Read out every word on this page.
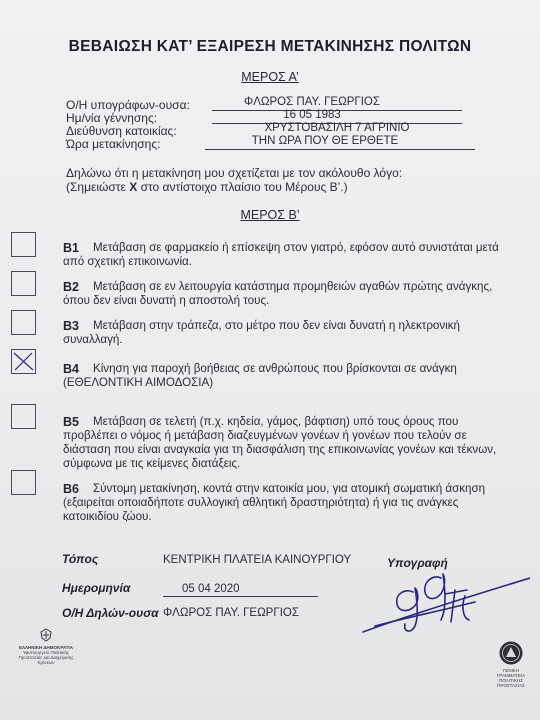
ΒΕΒΑΙΩΣΗ ΚΑΤ’ ΕΞΑΙΡΕΣΗ ΜΕΤΑΚΙΝΗΣΗΣ ΠΟΛΙΤΩΝ
ΜΕΡΟΣ Α’
Ο/Η υπογράφων-ουσα:	ΦΛΩΡΟΣ ΠΑΥ. ΓΕΩΡΓΙΟΣ
Ημ/νία γέννησης:	16 05 1983
Διεύθυνση κατοικίας:	ΧΡΥΣΤΟΒΑΣΙΛΗ 7 ΑΓΡΙΝΙΟ
Ώρα μετακίνησης:	ΤΗΝ ΩΡΑ ΠΟΥ ΘΕ ΕΡΘΕΤΕ
Δηλώνω ότι η μετακίνηση μου σχετίζεται με τον ακόλουθο λόγο:
(Σημειώστε X στο αντίστοιχο πλαίσιο του Μέρους Β’.)
ΜΕΡΟΣ Β’
B1	Μετάβαση σε φαρμακείο ή επίσκεψη στον γιατρό, εφόσον αυτό συνιστάται μετά από σχετική επικοινωνία.
B2	Μετάβαση σε εν λειτουργία κατάστημα προμηθειών αγαθών πρώτης ανάγκης, όπου δεν είναι δυνατή η αποστολή τους.
B3	Μετάβαση στην τράπεζα, στο μέτρο που δεν είναι δυνατή η ηλεκτρονική συναλλαγή.
B4	Κίνηση για παροχή βοήθειας σε ανθρώπους που βρίσκονται σε ανάγκη (ΕΘΕΛΟΝΤΙΚΗ ΑΙΜΟΔΟΣΙΑ)
B5	Μετάβαση σε τελετή (π.χ. κηδεία, γάμος, βάφτιση) υπό τους όρους που προβλέπει ο νόμος ή μετάβαση διαζευγμένων γονέων ή γονέων που τελούν σε διάσταση που είναι αναγκαία για τη διασφάλιση της επικοινωνίας γονέων και τέκνων, σύμφωνα με τις κείμενες διατάξεις.
B6	Σύντομη μετακίνηση, κοντά στην κατοικία μου, για ατομική σωματική άσκηση (εξαιρείται οποιαδήποτε συλλογική αθλητική δραστηριότητα) ή για τις ανάγκες κατοικιδίου ζώου.
Τόπος	ΚΕΝΤΡΙΚΗ ΠΛΑΤΕΙΑ ΚΑΙΝΟΥΡΓΙΟΥ	Υπογραφή
Ημερομηνία	05 04 2020
Ο/Η Δηλών-ουσα ΦΛΩΡΟΣ ΠΑΥ. ΓΕΩΡΓΙΟΣ
ΕΛΛΗΝΙΚΗ ΔΗΜΟΚΡΑΤΙΑ
Υφυπουργείο Πολιτικής Προστασίας και Διαχείρισης Κρίσεων
ΓΕΝΙΚΗ ΓΡΑΜΜΑΤΕΙΑ ΠΟΛΙΤΙΚΗΣ ΠΡΟΣΤΑΣΙΑΣ
